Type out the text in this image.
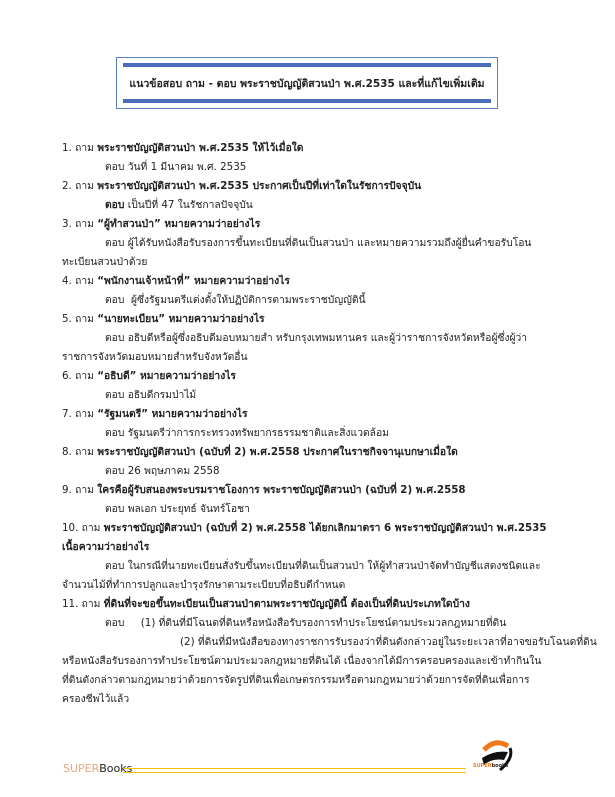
แนวข้อสอบ ถาม - ตอบ พระราชบัญญัติสวนป่า พ.ศ.2535 และที่แก้ไขเพิ่มเติม
1. ถาม พระราชบัญญัติสวนป่า พ.ศ.2535 ให้ไว้เมื่อใด
ตอบ วันที่ 1 มีนาคม พ.ศ. 2535
2. ถาม พระราชบัญญัติสวนป่า พ.ศ.2535 ประกาศเป็นปีที่เท่าใดในรัชการปัจจุบัน
ตอบ เป็นปีที่ 47 ในรัชกาลปัจจุบัน
3. ถาม “ผู้ทำสวนป่า” หมายความว่าอย่างไร
ตอบ ผู้ได้รับหนังสือรับรองการขึ้นทะเบียนที่ดินเป็นสวนป่า และหมายความรวมถึงผู้ยื่นคำขอรับโอน
ทะเบียนสวนป่าด้วย
4. ถาม “พนักงานเจ้าหน้าที่” หมายความว่าอย่างไร
ตอบ  ผู้ซึ่งรัฐมนตรีแต่งตั้งให้ปฏิบัติการตามพระราชบัญญัตินี้
5. ถาม “นายทะเบียน” หมายความว่าอย่างไร
ตอบ อธิบดีหรือผู้ซึ่งอธิบดีมอบหมายสำ หรับกรุงเทพมหานคร และผู้ว่าราชการจังหวัดหรือผู้ซึ่งผู้ว่า
ราชการจังหวัดมอบหมายสำหรับจังหวัดอื่น
6. ถาม “อธิบดี” หมายความว่าอย่างไร
ตอบ อธิบดีกรมป่าไม้
7. ถาม “รัฐมนตรี” หมายความว่าอย่างไร
ตอบ รัฐมนตรีว่าการกระทรวงทรัพยากรธรรมชาติและสิ่งแวดล้อม
8. ถาม พระราชบัญญัติสวนป่า (ฉบับที่ 2) พ.ศ.2558 ประกาศในราชกิจจานุเบกษาเมื่อใด
ตอบ 26 พฤษภาคม 2558
9. ถาม ใครคือผู้รับสนองพระบรมราชโองการ พระราชบัญญัติสวนป่า (ฉบับที่ 2) พ.ศ.2558
ตอบ พลเอก ประยุทธ์ จันทร์โอชา
10. ถาม พระราชบัญญัติสวนป่า (ฉบับที่ 2) พ.ศ.2558 ได้ยกเลิกมาตรา 6 พระราชบัญญัติสวนป่า พ.ศ.2535
เนื้อความว่าอย่างไร
ตอบ ในกรณีที่นายทะเบียนสั่งรับขึ้นทะเบียนที่ดินเป็นสวนป่า ให้ผู้ทำสวนป่าจัดทำบัญชีแสดงชนิดและ
จำนวนไม้ที่ทำการปลูกและบำรุงรักษาตามระเบียบที่อธิบดีกำหนด
11. ถาม ที่ดินที่จะขอขึ้นทะเบียนเป็นสวนป่าตามพระราชบัญญัตินี้ ต้องเป็นที่ดินประเภทใดบ้าง
ตอบ     (1) ที่ดินที่มีโฉนดที่ดินหรือหนังสือรับรองการทำประโยชน์ตามประมวลกฎหมายที่ดิน
(2) ที่ดินที่มีหนังสือของทางราชการรับรองว่าที่ดินดังกล่าวอยู่ในระยะเวลาที่อาจขอรับโฉนดที่ดิน
หรือหนังสือรับรองการทำประโยชน์ตามประมวลกฎหมายที่ดินได้ เนื่องจากได้มีการครอบครองและเข้าทำกินใน
ที่ดินดังกล่าวตามกฎหมายว่าด้วยการจัดรูปที่ดินเพื่อเกษตรกรรมหรือตามกฎหมายว่าด้วยการจัดที่ดินเพื่อการ
ครองชีพไว้แล้ว
SUPERBooks	SUPERbooks
